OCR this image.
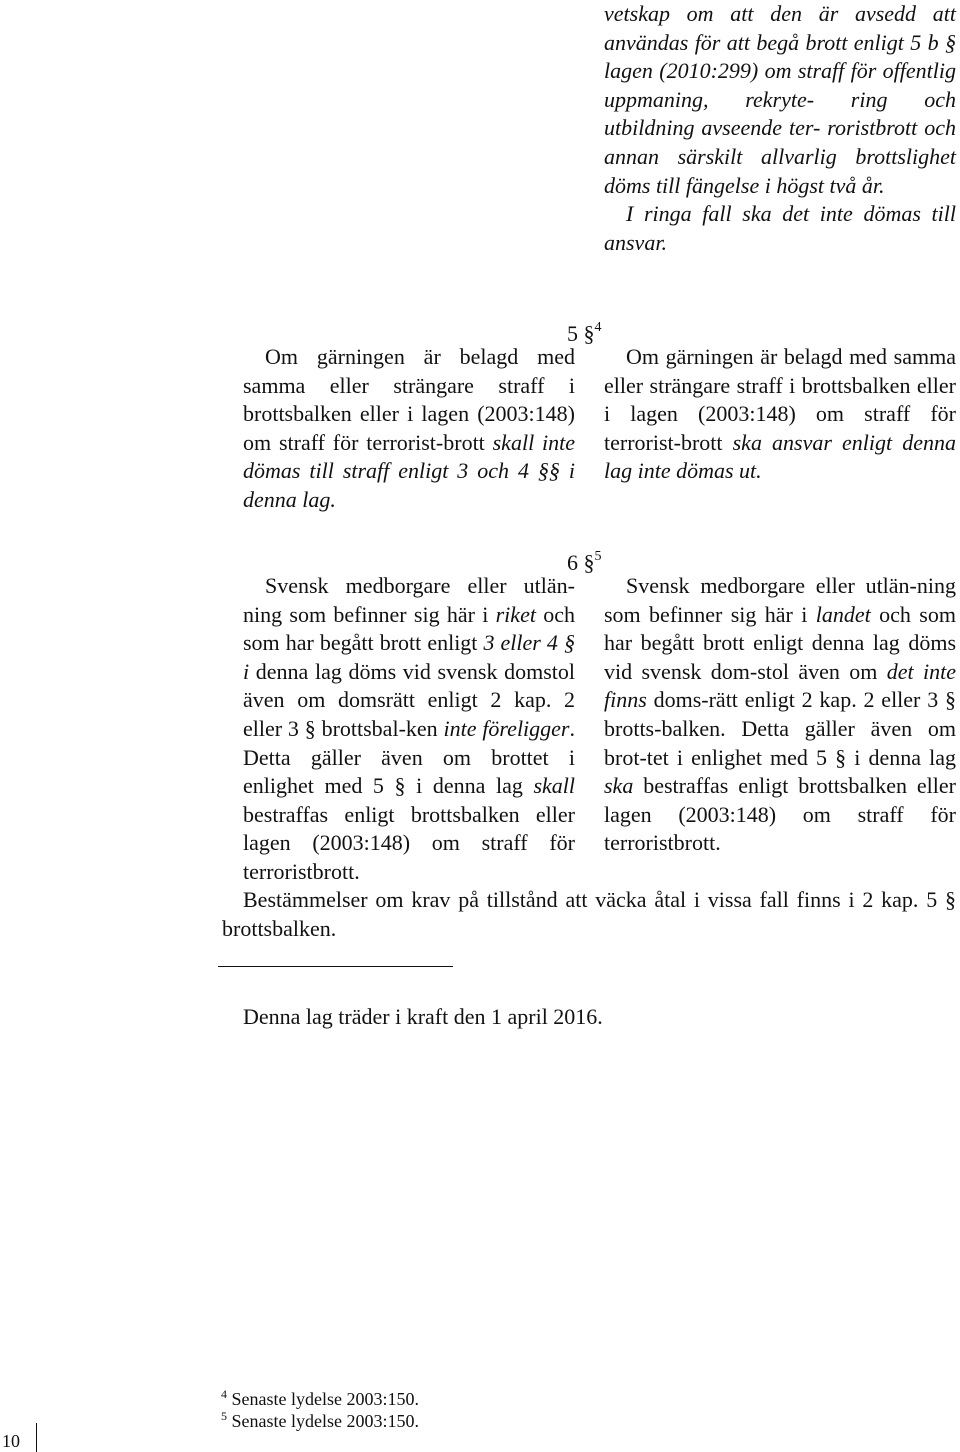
vetskap om att den är avsedd att användas för att begå brott enligt 5 b § lagen (2010:299) om straff för offentlig uppmaning, rekryte- ring och utbildning avseende ter- roristbrott och annan särskilt allvarlig brottslighet döms till fängelse i högst två år.

I ringa fall ska det inte dömas till ansvar.

5 §$^4$

Om gärningen är belagd med samma eller strängare straff i brottsbalken eller i lagen (2003:148) om straff för terrorist-brott skall inte dömas till straff enligt 3 och 4 §§ i denna lag.

Om gärningen är belagd med samma eller strängare straff i brottsbalken eller i lagen (2003:148) om straff för terrorist-brott ska ansvar enligt denna lag inte dömas ut.

6 §$^5$

Svensk medborgare eller utlän-ning som befinner sig här i riket och som har begått brott enligt 3 eller 4 § i denna lag döms vid svensk domstol även om domsrätt enligt 2 kap. 2 eller 3 § brottsbal-ken inte föreligger. Detta gäller även om brottet i enlighet med 5 § i denna lag skall bestraffas enligt brottsbalken eller lagen (2003:148) om straff för terroristbrott.

Svensk medborgare eller utlän-ning som befinner sig här i landet och som har begått brott enligt denna lag döms vid svensk dom-stol även om det inte finns doms-rätt enligt 2 kap. 2 eller 3 § brotts-balken. Detta gäller även om brot-tet i enlighet med 5 § i denna lag ska bestraffas enligt brottsbalken eller lagen (2003:148) om straff för terroristbrott.

Bestämmelser om krav på tillstånd att väcka åtal i vissa fall finns i 2 kap. 5 § brottsbalken.
Denna lag träder i kraft den 1 april 2016.
$^4$ Senaste lydelse 2003:150.
$^5$ Senaste lydelse 2003:150.
10
